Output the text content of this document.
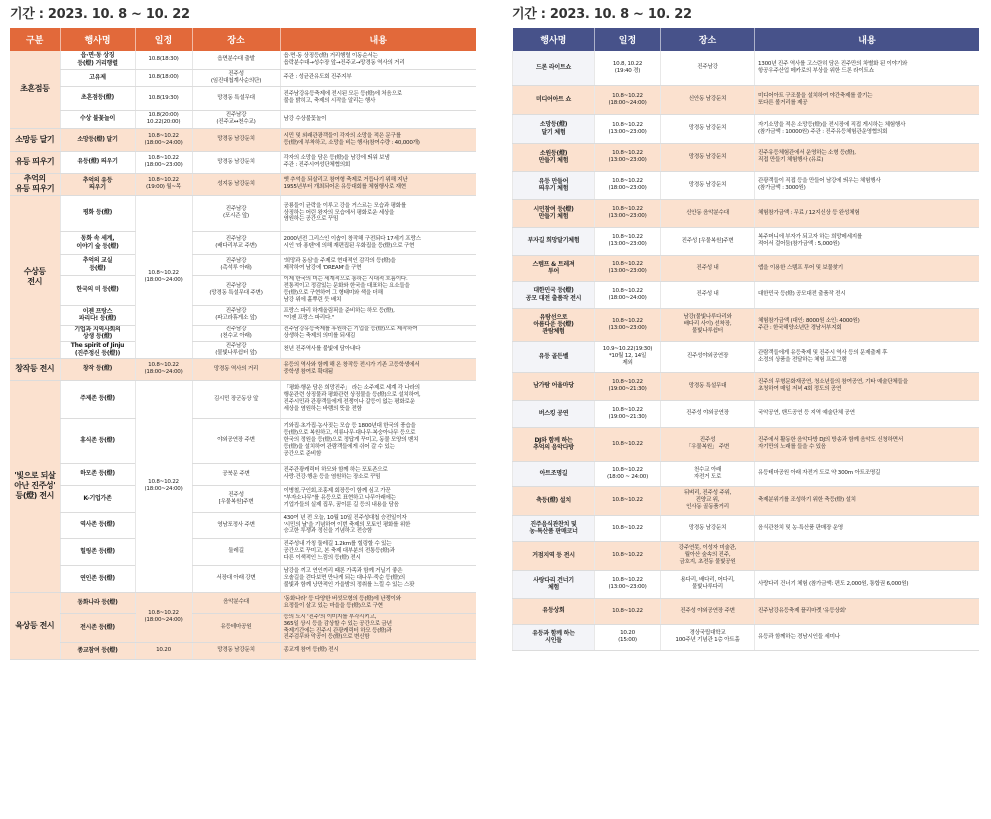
기간 : 2023. 10. 8 ~ 10. 22
구분	행사명	일정	장소	내용
초혼점등	읍·면·동 상징
등(燈) 거리행렬	10.8(18:30)	읍면분수대 출발	읍·면·동 상징등(燈) 거리행렬 이동순서는
읍락분수대→성수장 앞→진주교→망경동 역사의 거리
	고유제	10.8(18:00)	진주성
(임진대첩계사순의단)	주관 : 성균관유도회 진주지부
	초혼점등(燈)	10.8(19:30)	망경동 특설무대	진주남강유등축제에 전시된 모든 등(燈)에 처음으로
불을 밝히고, 축제의 시작을 알리는 행사
	수상 불꽃놀이	10.8(20:00)
10.22(20:00)	진주남강
(진주교↔천수교)	남강 수상불꽃놀이
소망등 달기	소망등(燈) 달기	10.8~10.22
(18:00~24:00)	망경동 남강둔치	시민 및 외래관광객들이 각자의 소망을 적은 문구를
등(燈)에 부착하고, 소망을 비는 행사(참여수량 : 40,000개)
유등 띄우기	유등(燈) 띄우기	10.8~10.22
(18:00~23:00)	망경동 남강둔치	각자의 소망을 담은 등(燈)을 남강에 띄워 보냄
주관 : 진주시여성단체협의회
추억의
유등 띄우기	추억의 유등
띄우기	10.8~10.22
(19:00) 월~목	성지동 남강둔치	옛 추억을 되살리고 참여형 축제로 거듭나기 위해 지난
1955년부터 개최되어온 유등대회를 체험행사로 재현
수상등
전시	평화 등(燈)	10.8~10.22
(18:00~24:00)	진주남강
(포시즌 앞)	공룡들이 균락을 이루고 강을 거스르는 모습과 평화를
상징하는 어린 왕자의 모습에서 평화로운 세상을
염원하는 공간으로 꾸밈
	동화 속 세계,
이야기 숲 등(燈)		진주남강
(배다리부교 주변)	2000년전 그리스인 이솝이 창작해 구전되다 17세기 프랑스
시인 '라 퐁텐'에 의해 재편집된 우화집을 등(燈)으로 구현
	추억의 교실
등(燈)		진주남강
(촉석루 아래)	'희망과 동심'을 주제로 현대적인 감각의 등(燈)을
제작하여 남강에 'DREAM'을 구현
	한국의 미 등(燈)		진주남강
(망경동 특설무대 주변)	이제 한국의 미는 세계적으로 통하는 시대적 흐름이다.
전통적이고 정감있는 문화와 한국을 대표하는 요소들을
등(燈)으로 구현하여 그 형태미와 색을 더해
남강 위에 흩뿌린 듯 배치
	이젠 프랑스
파리다! 등(燈)		진주남강
(파고라휴게소 앞)	프랑스 파리 하계올림픽을 준비하는 하모 등(燈),
"이젠 프랑스 파리다."
	기업과 지역사회의
상생 등(燈)		진주남강
(천수교 아래)	진주남강유등축제를 후원하는 기업을 등(燈)으로 제작하여
상생하는 축제의 의미를 되새김
	The spirit of Jinju
(진주정신 등(燈))		진주남강
(물빛나루쉼터 앞)	천년 진주역사를 불빛에 담아내다
창작등 전시	창작 등(燈)	10.8~10.22
(18:00~24:00)	망경동 역사의 거리	유등의 역사와 함께 해 온 창작등 전시가 기존 고등학생에서
중학생 참여로 확대됨
'빛으로 되살
아난 진주성'
등(燈) 전시	주제존 등(燈)	10.8~10.22
(18:00~24:00)	김시민 장군동상 앞	「평화·행운 담은 희망진주」 라는 소주제로 세계 각 나라의
행운관련 상징물과 평화관련 상징물을 등(燈)으로 설치하여,
진주시민과 관광객들에게 전쟁이나 갈등이 없는 평화로운
세상을 염원하는 바램의 뜻을 전함
	휴식존 등(燈)		야외공연장 주변	기와집·초가집·농사짓는 모습 등 1800년대 한국의 풍습을
등(燈)으로 복원하고, 석류나무·대나무·복숭아나무 등으로
한국의 정원을 등(燈)으로 정답게 꾸미고, 동물 모양의 벤치
등(燈)을 설치하여 관람객들에게 쉬어 갈 수 있는
공간으로 준비함
	하모존 등(燈)		공북문 주변	진주관광캐릭터 하모와 함께 하는 포토존으로
사랑·건강·행운 등을 염원하는 장소로 꾸밈
	K-기업가존		진주성
[우물복원]주변	이병철,구인회,조홍제 회장등이 함께 심고 가꾼
"부자소나무"를 유등으로 표현하고 나무아래에는
기업가들의 실제 집무, 꿈이룬 길 등의 내용을 담음
	역사존 등(燈)		영남포정사 주변	430여 년 전 오늘, 10월 10일 진주성대첩 승전일이자
'시민의 날'을 기념하여 이번 축제의 모토인 평화를 위한
승고한 투쟁과 정신을 기념하고 전승함
	힐링존 등(燈)		둘레길	진주성내 가칭 둘레길 1.2km를 힐링할 수 있는
공간으로 꾸미고, 본 축제 대부분의 전통등(燈)과
다른 이색적인 느낌의 등(燈) 전시
	연인존 등(燈)		서장대 아래 강변	남강을 끼고 연인끼리 때론 가족과 함께 거닐기 좋은
오솔길을 걷다보면 만나게 되는 대나무·죽순 등(燈)의
불빛과 함께 낭만적인 가을밤의 정취를 느낄 수 있는 스팟
육상등 전시	동화나라 등(燈)	10.8~10.22
(18:00~24:00)	음악분수대	'동화나라' 등 다양한 버섯모형의 등(燈)에 난쟁이와
요정들이 살고 있는 마을을 등(燈)으로 구현
	전시존 등(燈)		유등테마공원	등의 도시 '진주'의 이미지를 부각시키고,
365일 상시 등을 감상할 수 있는 공간으로 금년
축제기간에는 진주시 관광캐릭터 하모 등(燈)과
진주검무와 악공이 등(燈)으로 변신함
	종교참여 등(燈)	10.20	망경동 남강둔치	종교계 참여 등(燈) 전시
기간 : 2023. 10. 8 ~ 10. 22
행사명	일정	장소	내용
드론 라이트쇼	10.8, 10.22
(19:40 경)	진주남강	1300년 진주 역사를 고스란히 담은 진주만의 차별화 된 이야기와
항공우주산업 메카로의 부상을 위한 드론 라이트쇼
미디어아트 쇼	10.8~10.22
(18:00~24:00)	신안동 남강둔치	미디어아트 구조물을 설치하여 야간축제를 즐기는
또다른 볼거리를 제공
소망등(燈)
달기 체험	10.8~10.22
(13:00~23:00)	망경동 남강둔치	자기소망을 적은 소망등(燈)을 전시장에 직접 게시하는 체험행사
(참가금액 : 10000원) 주관 : 진주유등체험관운영협의회
소원등(燈)
만들기 체험	10.8~10.22
(13:00~23:00)	망경동 남강둔치	진주유등체험관에서 운영하는 소형 등(燈),
직접 만들기 체험행사 (유료)
유등 만들어
띄우기 체험	10.8~10.22
(18:00~23:00)	망경동 남강둔치	관광객들이 직접 등을 만들어 남강에 띄우는 체험행사
(참가금액 : 3000원)
시민참여 등(燈)
만들기 체험	10.8~10.22
(13:00~23:00)	신안동 음악분수대	체험참가금액 : 무료 / 12지신상 등 완성체험
부자길 희망달기체험	10.8~10.22
(13:00~23:00)	진주성 [우물복원]주변	복주머니에 부자가 되고자 하는 희망메세지를
적어서 걸어둠(참가금액 : 5,000원)
스템프 & 트레져
투어	10.8~10.22
(13:00~23:00)	진주성 내	앱을 이용한 스템프 투어 및 보물찾기
대한민국 등(燈)
공모 대전 출품작 전시	10.8~10.22
(18:00~24:00)	진주성 내	대한민국 등(燈) 공모대전 출품작 전시
유람선으로
아름다운 등(燈)
관람체험	10.8~10.22
(13:00~23:00)	남강(물빛나루다리와
배다리 사이) 선착장,
물빛나루쉼터	체험참가금액 (대인: 8000원 소인: 4000원)
주관 : 한국해양소년단 경남서부지회
유등 골든벨	10.9~10.22(19:30)
*10월 12, 14일
제외	진주성야외공연장	관람객들에게 유등축제 및 진주시 역사 등의 문제출제 후
소정의 상품을 전달하는 체험 프로그램
남가람 어울마당	10.8~10.22
(19:00~21:30)	망경동 특설무대	진주의 무형문화재공연, 청소년들의 참여공연, 기타 예술단체들을
초청하여 매일 저녁 4회 정도의 공연
버스킹 공연	10.8~10.22
(19:00~21:30)	진주성 야외공연장	국악공연, 밴드공연 등 지역 예술단체 공연
DJ와 함께 하는
추억의 음악다방	10.8~10.22	진주성
「우물복원」 주변	진주에서 활동한 음악다방 DJ의 방송과 함께 음악도 신청하면서
자기만의 노래를 들을 수 있음
아트조명길	10.8~10.22
(18:00 ~ 24:00)	천수교 아래
자전거 도로	유등테마공원 아래 자전거 도로 약 300m 아트조명길
축등(燈) 설치	10.8~10.22	뒤벼리, 진주성 주위,
진양교 위,
인사동 골동품거리	축제분위기를 조성하기 위한 축등(燈) 설치
진주음식관찬치 및
농·특산품 판매코너	10.8~10.22	망경동 남강둔치	음식관찬치 및 농·특산품 판매장 운영
거점지역 등 전시	10.8~10.22	강주연못, 이성자 미술관,
월아산 숲속의 진주,
금호지, 초전동 물빛공원	
사랑다리 건너기
체험	10.8~10.22
(13:00~23:00)	용다리, 배다리, 어다리,
물빛나루다리	사랑다리 건너기 체험 (참가금액: 편도 2,000원, 통합권 6,000원)
유등상회	10.8~10.22	진주성 야외공연장 주변	진주남강유등축제 플리마켓 '유등상회'
유등과 함께 하는
시인들	10.20
(15:00)	경상국립대학교
100주년 기념관 1층 아트홀	유등과 함께하는 경남시인들 세미나
